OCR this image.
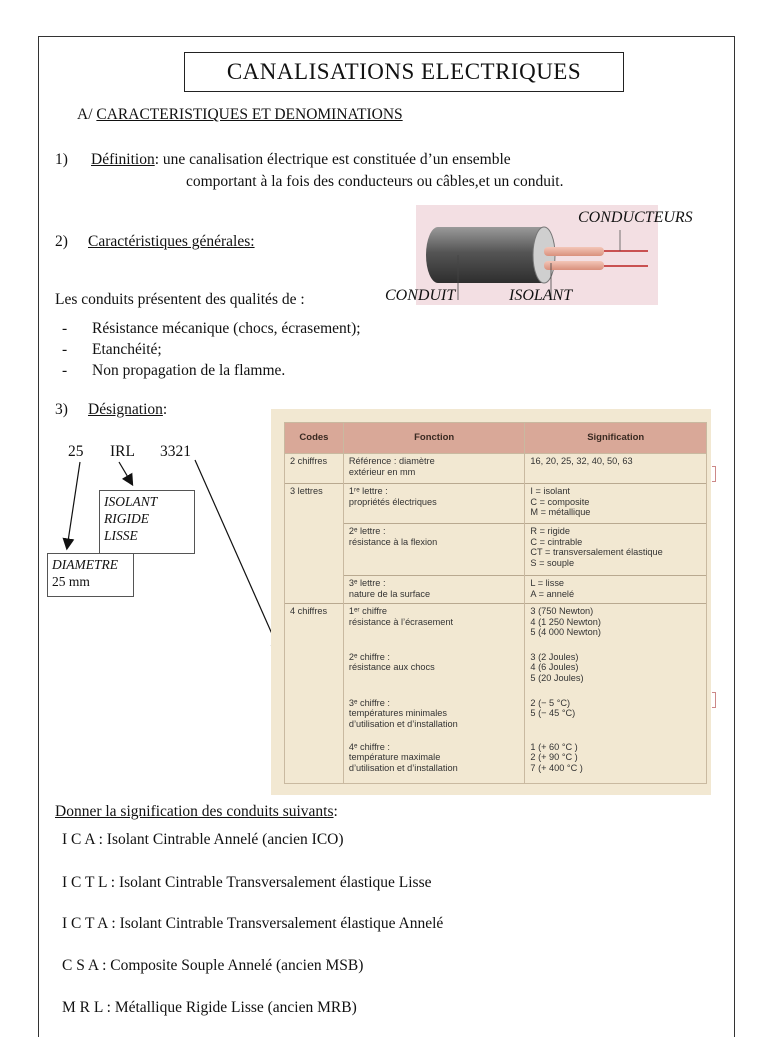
CANALISATIONS ELECTRIQUES
A/ CARACTERISTIQUES ET DENOMINATIONS
1) Définition: une canalisation électrique est constituée d’un ensemble
comportant à la fois des conducteurs ou câbles,et un conduit.
2) Caractéristiques générales:
CONDUCTEURS
CONDUIT	ISOLANT
Les conduits présentent des qualités de :
- Résistance mécanique (chocs, écrasement);
- Etanchéité;
- Non propagation de la flamme.
3) Désignation:
25 IRL 3321
ISOLANT
RIGIDE
LISSE
DIAMETRE
25 mm
Codes	Fonction	Signification
2 chiffres	Référence : diamètre
extérieur en mm	16, 20, 25, 32, 40, 50, 63

3 lettres	1ʳᵉ lettre :
propriétés électriques	I = isolant
C = composite
M = métallique

	2ᵉ lettre :
résistance à la flexion	R = rigide
C = cintrable
CT = transversalement élastique
S = souple

	3ᵉ lettre :
nature de la surface	L = lisse
A = annelé

4 chiffres	1ᵉʳ chiffre
résistance à l’écrasement	3 (750 Newton)
4 (1 250 Newton)
5 (4 000 Newton)

	2ᵉ chiffre :
résistance aux chocs	3 (2 Joules)
4 (6 Joules)
5 (20 Joules)

	3ᵉ chiffre :
températures minimales
d’utilisation et d’installation	2 (− 5 °C)
5 (− 45 °C)

	4ᵉ chiffre :
température maximale
d’utilisation et d’installation	1 (+ 60 °C )
2 (+ 90 °C )
7 (+ 400 °C )
Donner la signification des conduits suivants:
I C A : Isolant Cintrable Annelé (ancien ICO)
I C T L : Isolant Cintrable Transversalement élastique Lisse
I C T A : Isolant Cintrable Transversalement élastique Annelé
C S A : Composite Souple Annelé (ancien MSB)
M R L : Métallique Rigide Lisse (ancien MRB)
